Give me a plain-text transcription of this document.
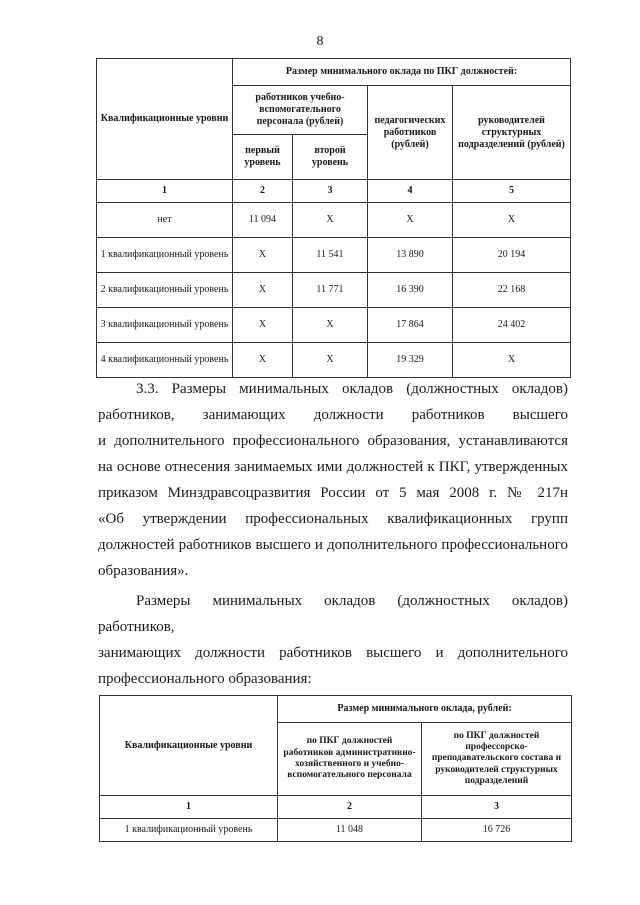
8
Квалификационные уровни	Размер минимального оклада по ПКГ должностей:			
	работников учебно-вспомогательного персонала (рублей)		педагогических работников (рублей)	руководителей структурных подразделений (рублей)
	первый уровень	второй уровень		
1	2	3	4	5
нет	11 094	Х	Х	Х
1 квалификационный уровень	Х	11 541	13 890	20 194
2 квалификационный уровень	Х	11 771	16 390	22 168
3 квалификационный уровень	Х	Х	17 864	24 402
4 квалификационный уровень	Х	Х	19 329	Х
3.3. Размеры минимальных окладов (должностных окладов)
работников, занимающих должности работников высшего
и дополнительного профессионального образования, устанавливаются
на основе отнесения занимаемых ими должностей к ПКГ, утвержденных
приказом Минздравсоцразвития России от 5 мая 2008 г. № 217н
«Об утверждении профессиональных квалификационных групп
должностей работников высшего и дополнительного профессионального
образования».
Размеры минимальных окладов (должностных окладов) работников,
занимающих должности работников высшего и дополнительного
профессионального образования:
Квалификационные уровни	Размер минимального оклада, рублей:	
	по ПКГ должностей работников административно-хозяйственного и учебно-вспомогательного персонала	по ПКГ должностей профессорско-преподавательского состава и руководителей структурных подразделений
1	2	3
1 квалификационный уровень	11 048	16 726
